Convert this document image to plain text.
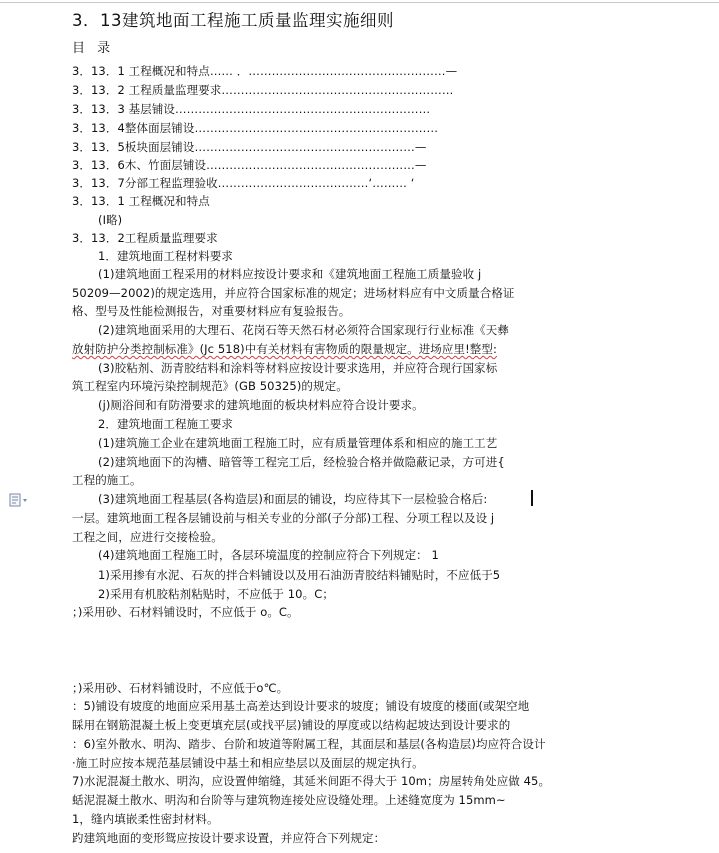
3．13建筑地面工程施工质量监理实施细则
目 录
3．13．1 工程概况和特点…… ．……………………………………………—
3．13．2 工程质量监理要求……………………………………………………
3．13．3 基层铺设…………………………………………………………
3．13．4整体面层铺设………………………………………………………
3．13．5板块面层铺设…………………………………………………—
3．13．6木、竹面层铺设………………………………………………—
3．13．7分部工程监理验收…………………………………‘……… ‘
3．13．1 工程概况和特点
(I略)
3．13．2工程质量监理要求
1．建筑地面工程材料要求
(1)建筑地面工程采用的材料应按设计要求和《建筑地面工程施工质量验收 j
50209—2002)的规定选用，并应符合国家标准的规定；进场材料应有中文质量合格证
格、型号及性能检测报告，对重要材料应有复验报告。
(2)建筑地面采用的大理石、花岗石等天然石材必须符合国家现行行业标准《天彝
放射防护分类控制标准》(Jc 518)中有关材料有害物质的限量规定。进场应里!整型:
(3)胶粘剂、沥青胶结料和涂料等材料应按设计要求选用，并应符合现行国家标
筑工程室内环境污染控制规范》(GB 50325)的规定。
(j)厕浴间和有防滑要求的建筑地面的板块材料应符合设计要求。
2．建筑地面工程施工要求
(1)建筑施工企业在建筑地面工程施工时，应有质量管理体系和相应的施工工艺
(2)建筑地面下的沟槽、暗管等工程完工后，经检验合格并做隐蔽记录，方可进{
工程的施工。
(3)建筑地面工程基层(各构造层)和面层的铺设，均应待其下一层检验合格后:
一层。建筑地面工程各层铺设前与相关专业的分部(子分部)工程、分项工程以及设 j
工程之间，应进行交接检验。
(4)建筑地面工程施工时，各层环境温度的控制应符合下列规定： 1
1)采用掺有水泥、石灰的拌合料铺设以及用石油沥青胶结料铺贴时，不应低于5
2)采用有机胶粘剂粘贴时，不应低于 10。C；
；)采用砂、石材料铺设时，不应低于 o。C。
；)采用砂、石材料铺设时，不应低于o℃。
：5)铺设有坡度的地面应采用基土高差达到设计要求的坡度；铺设有坡度的楼面(或架空地
睬用在钢筋混凝土板上变更填充层(或找平层)铺设的厚度或以结构起坡达到设计要求的
：6)室外散水、明沟、踏步、台阶和坡道等附属工程，其面层和基层(各构造层)均应符合设计
·施工时应按本规范基层铺设中基土和相应垫层以及面层的规定执行。
7)水泥混凝土散水、明沟，应设置伸缩缝，其延米间距不得大于 10m；房屋转角处应做 45。
蛞泥混凝土散水、明沟和台阶等与建筑物连接处应设缝处理。上述缝宽度为 15mm~
1，缝内填嵌柔性密封材料。
趵建筑地面的变形鸳应按设计要求设置，并应符合下列规定：
